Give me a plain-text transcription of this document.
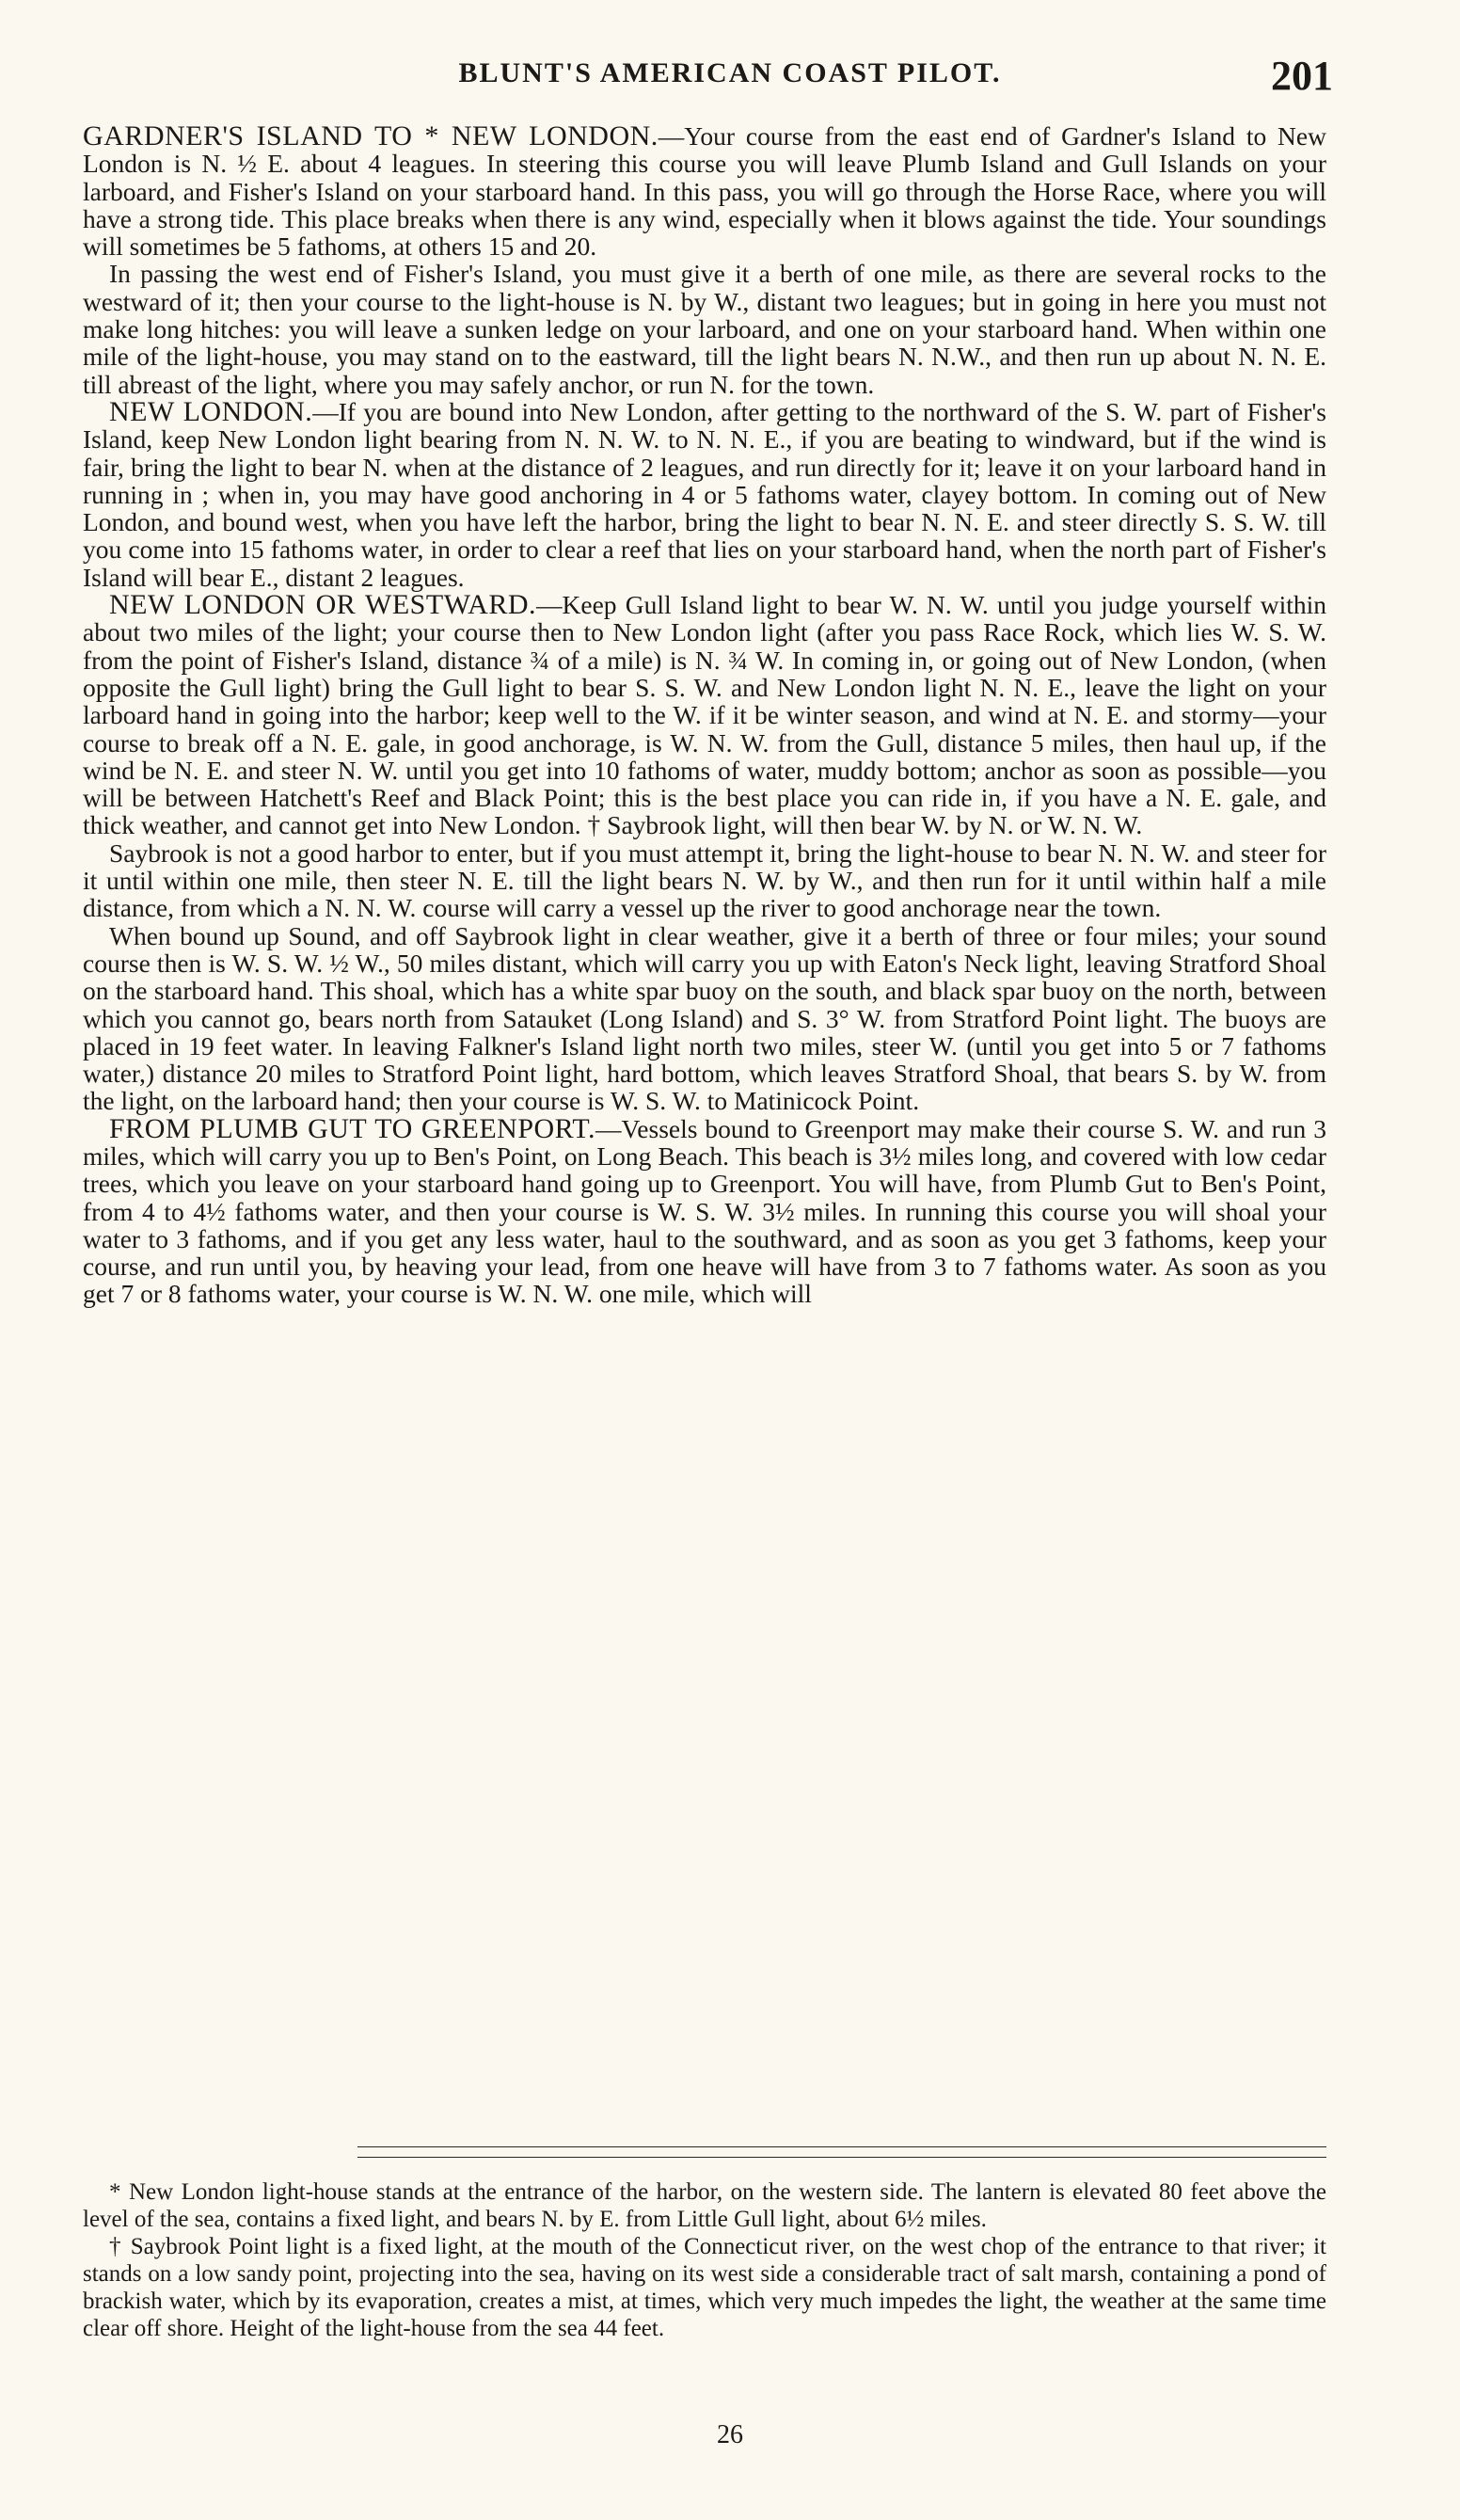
BLUNT'S AMERICAN COAST PILOT.	201

GARDNER'S ISLAND TO * NEW LONDON.—Your course from the east end of Gardner's Island to New London is N. ½ E. about 4 leagues. In steering this course you will leave Plumb Island and Gull Islands on your larboard, and Fisher's Island on your starboard hand. In this pass, you will go through the Horse Race, where you will have a strong tide. This place breaks when there is any wind, especially when it blows against the tide. Your soundings will sometimes be 5 fathoms, at others 15 and 20.

In passing the west end of Fisher's Island, you must give it a berth of one mile, as there are several rocks to the westward of it; then your course to the light-house is N. by W., distant two leagues; but in going in here you must not make long hitches: you will leave a sunken ledge on your larboard, and one on your starboard hand. When within one mile of the light-house, you may stand on to the eastward, till the light bears N. N.W., and then run up about N. N. E. till abreast of the light, where you may safely anchor, or run N. for the town.

NEW LONDON.—If you are bound into New London, after getting to the northward of the S. W. part of Fisher's Island, keep New London light bearing from N. N. W. to N. N. E., if you are beating to windward, but if the wind is fair, bring the light to bear N. when at the distance of 2 leagues, and run directly for it; leave it on your larboard hand in running in ; when in, you may have good anchoring in 4 or 5 fathoms water, clayey bottom. In coming out of New London, and bound west, when you have left the harbor, bring the light to bear N. N. E. and steer directly S. S. W. till you come into 15 fathoms water, in order to clear a reef that lies on your starboard hand, when the north part of Fisher's Island will bear E., distant 2 leagues.

NEW LONDON OR WESTWARD.—Keep Gull Island light to bear W. N. W. until you judge yourself within about two miles of the light; your course then to New London light (after you pass Race Rock, which lies W. S. W. from the point of Fisher's Island, distance ¾ of a mile) is N. ¾ W. In coming in, or going out of New London, (when opposite the Gull light) bring the Gull light to bear S. S. W. and New London light N. N. E., leave the light on your larboard hand in going into the harbor; keep well to the W. if it be winter season, and wind at N. E. and stormy—your course to break off a N. E. gale, in good anchorage, is W. N. W. from the Gull, distance 5 miles, then haul up, if the wind be N. E. and steer N. W. until you get into 10 fathoms of water, muddy bottom; anchor as soon as possible—you will be between Hatchett's Reef and Black Point; this is the best place you can ride in, if you have a N. E. gale, and thick weather, and cannot get into New London. † Saybrook light, will then bear W. by N. or W. N. W.

Saybrook is not a good harbor to enter, but if you must attempt it, bring the light-house to bear N. N. W. and steer for it until within one mile, then steer N. E. till the light bears N. W. by W., and then run for it until within half a mile distance, from which a N. N. W. course will carry a vessel up the river to good anchorage near the town.

When bound up Sound, and off Saybrook light in clear weather, give it a berth of three or four miles; your sound course then is W. S. W. ½ W., 50 miles distant, which will carry you up with Eaton's Neck light, leaving Stratford Shoal on the starboard hand. This shoal, which has a white spar buoy on the south, and black spar buoy on the north, between which you cannot go, bears north from Satauket (Long Island) and S. 3° W. from Stratford Point light. The buoys are placed in 19 feet water. In leaving Falkner's Island light north two miles, steer W. (until you get into 5 or 7 fathoms water,) distance 20 miles to Stratford Point light, hard bottom, which leaves Stratford Shoal, that bears S. by W. from the light, on the larboard hand; then your course is W. S. W. to Matinicock Point.

FROM PLUMB GUT TO GREENPORT.—Vessels bound to Greenport may make their course S. W. and run 3 miles, which will carry you up to Ben's Point, on Long Beach. This beach is 3½ miles long, and covered with low cedar trees, which you leave on your starboard hand going up to Greenport. You will have, from Plumb Gut to Ben's Point, from 4 to 4½ fathoms water, and then your course is W. S. W. 3½ miles. In running this course you will shoal your water to 3 fathoms, and if you get any less water, haul to the southward, and as soon as you get 3 fathoms, keep your course, and run until you, by heaving your lead, from one heave will have from 3 to 7 fathoms water. As soon as you get 7 or 8 fathoms water, your course is W. N. W. one mile, which will

* New London light-house stands at the entrance of the harbor, on the western side. The lantern is elevated 80 feet above the level of the sea, contains a fixed light, and bears N. by E. from Little Gull light, about 6½ miles.

† Saybrook Point light is a fixed light, at the mouth of the Connecticut river, on the west chop of the entrance to that river; it stands on a low sandy point, projecting into the sea, having on its west side a considerable tract of salt marsh, containing a pond of brackish water, which by its evaporation, creates a mist, at times, which very much impedes the light, the weather at the same time clear off shore. Height of the light-house from the sea 44 feet.

26
